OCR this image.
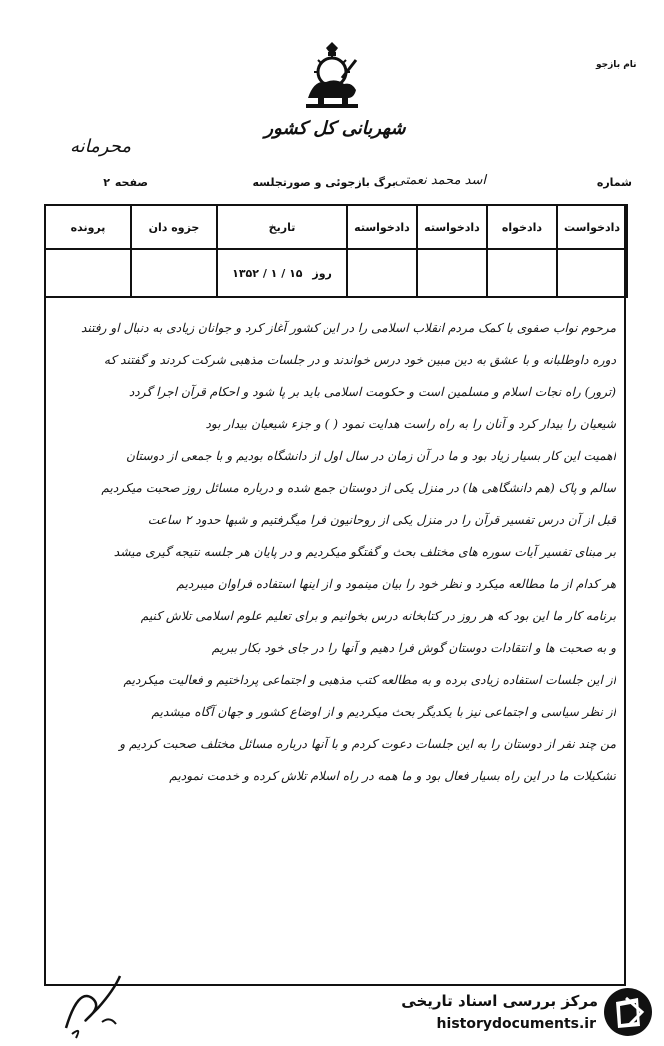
نام بازجو
شهربانی کل کشور
محرمانه
شماره
برگ بازجوئی و صورتجلسه
اسد محمد نعمتی
صفحه
۲
پرونده	جزوه دان	تاریخ	دادخواسته	دادخواسته	دادخواه	دادخواست
		روز ۱۵ / ۱ / ۱۳۵۲				
مرحوم نواب صفوی با کمک مردم انقلاب اسلامی را در این کشور آغاز کرد و جوانان زیادی به دنبال او رفتند
دوره داوطلبانه و با عشق به دین مبین خود درس خواندند و در جلسات مذهبی شرکت کردند و گفتند که
(ترور) راه نجات اسلام و مسلمین است و حکومت اسلامی باید بر پا شود و احکام قرآن اجرا گردد
شیعیان را بیدار کرد و آنان را به راه راست هدایت نمود ( ) و جزء شیعیان بیدار بود
اهمیت این کار بسیار زیاد بود و ما در آن زمان در سال اول از دانشگاه بودیم و با جمعی از دوستان
سالم و پاک (هم دانشگاهی ها) در منزل یکی از دوستان جمع شده و درباره مسائل روز صحبت میکردیم
قبل از آن درس تفسیر قرآن را در منزل یکی از روحانیون فرا میگرفتیم و شبها حدود ۲ ساعت
بر مبنای تفسیر آیات سوره های مختلف بحث و گفتگو میکردیم و در پایان هر جلسه نتیجه گیری میشد
هر کدام از ما مطالعه میکرد و نظر خود را بیان مینمود و از اینها استفاده فراوان میبردیم
برنامه کار ما این بود که هر روز در کتابخانه درس بخوانیم و برای تعلیم علوم اسلامی تلاش کنیم
و به صحبت ها و انتقادات دوستان گوش فرا دهیم و آنها را در جای خود بکار ببریم
از این جلسات استفاده زیادی برده و به مطالعه کتب مذهبی و اجتماعی پرداختیم و فعالیت میکردیم
از نظر سیاسی و اجتماعی نیز با یکدیگر بحث میکردیم و از اوضاع کشور و جهان آگاه میشدیم
من چند نفر از دوستان را به این جلسات دعوت کردم و با آنها درباره مسائل مختلف صحبت کردیم و
تشکیلات ما در این راه بسیار فعال بود و ما همه در راه اسلام تلاش کرده و خدمت نمودیم
مرکز بررسی اسناد تاریخی
historydocuments.ir
